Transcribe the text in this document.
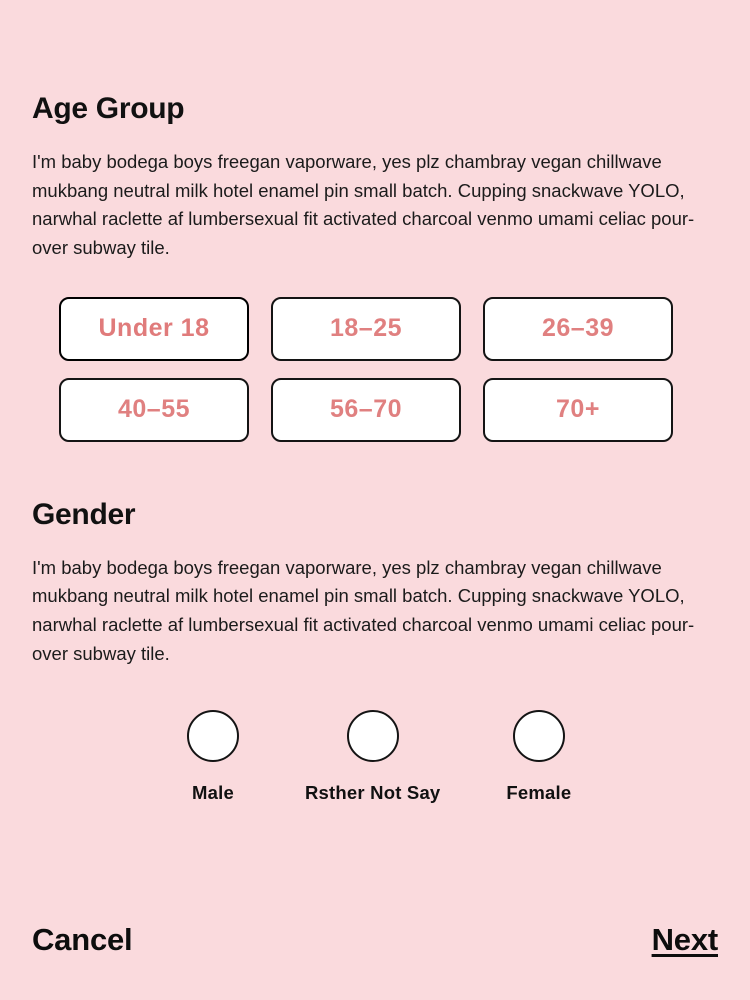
Age Group

I'm baby bodega boys freegan vaporware, yes plz chambray vegan chillwave mukbang neutral milk hotel enamel pin small batch. Cupping snackwave YOLO, narwhal raclette af lumbersexual fit activated charcoal venmo umami celiac pour-over subway tile.

Under 18	18–25	26–39
40–55	56–70	70+
Gender

I'm baby bodega boys freegan vaporware, yes plz chambray vegan chillwave mukbang neutral milk hotel enamel pin small batch. Cupping snackwave YOLO, narwhal raclette af lumbersexual fit activated charcoal venmo umami celiac pour-over subway tile.

Male	Rsther Not Say	Female
Cancel	Next
